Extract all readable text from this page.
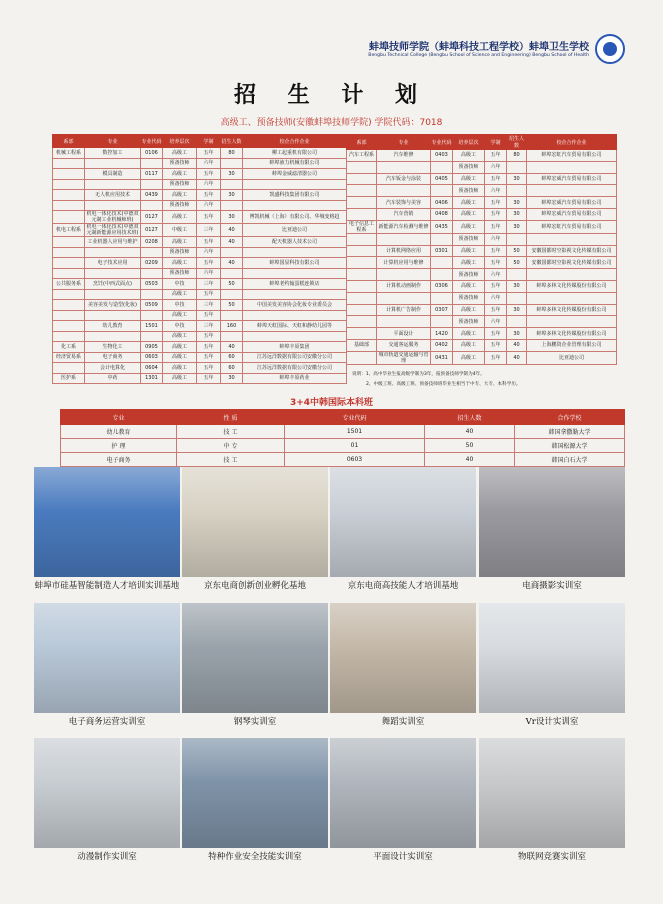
蚌埠技师学院（蚌埠科技工程学校）蚌埠卫生学校
Bengbu Technical College (Bengbu School of Science and Engineering) Bengbu School of Health
招 生 计 划
高级工、预备技师(安徽蚌埠技师学院) 学院代码：7018
系部	专业	专业代码	培养层次	学制	招生人数	校企合作企业
机械工程系	数控加工	0106	高级工	五年	80	柳工起重机有限公司
			预备技师	六年		蚌埠液力机械有限公司
	模具制造	0117	高级工	五年	30	蚌埠金威滤清器公司
			预备技师	六年		
	无人机应用技术	0439	高级工	五年	30	凯盛科技集团有限公司
			预备技师	六年		
	机电一体化技术(中德双元制工业机械师班)	0127	高级工	五年	30	博凯机械（上海）有限公司、华城变格趋
机电工程系	机电一体化技术(中德双元制新能源应用技术班)	0127	中级工	三年	40	比亚迪公司
	工业机器人应用与维护	0208	高级工	五年	40	配天机器人技术公司
			预备技师	六年		
	电子技术应用	0209	高级工	五年	40	蚌埠国显科技有限公司
			预备技师	六年		
公共服务系	烹饪(中西式面点)	0503	中技	三年	50	蚌埠老约翰蛋糕连锁店
			高级工	五年		
	美容美发与造型(化妆)	0509	中技	三年	50	中国美发美容协会化妆专业委员会
			高级工	五年		
	幼儿教育	1501	中技	三年	160	蚌埠天虹国际、天虹和静幼儿园等
			高级工	五年		
化工系	生物化工	0905	高级工	五年	40	蚌埠丰原集团
经济贸易系	电子商务	0603	高级工	五年	60	江苏远洋数据有限公司安徽分公司
	会计电算化	0604	高级工	五年	60	江苏远洋数据有限公司安徽分公司
医护系	中药	1301	高级工	五年	30	蚌埠丰原药业
系部	专业	专业代码	培养层次	学制	招生人数	校企合作企业
汽车工程系	汽车维修	0403	高级工	五年	80	蚌埠宏虹汽车贸易有限公司
			预备技师	六年		
	汽车钣金与涂装	0405	高级工	五年	30	蚌埠宏威汽车贸易有限公司
			预备技师	六年		
	汽车装饰与美容	0406	高级工	五年	30	蚌埠宏威汽车贸易有限公司
	汽车营销	0408	高级工	五年	30	蚌埠宏威汽车贸易有限公司
电子信息工程系	新能源汽车检测与维修	0435	高级工	五年	30	蚌埠宏虹汽车贸易有限公司
			预备技师	六年		
	计算机网络应用	0301	高级工	五年	50	安徽国都时空影视文化传媒有限公司
	计算机应用与维修		高级工	五年	50	安徽国都时空影视文化传媒有限公司
			预备技师	六年		
	计算机动画制作	0306	高级工	五年	30	蚌埠多林文化传媒股份有限公司
			预备技师	六年		
	计算机广告制作	0307	高级工	五年	30	蚌埠多林文化传媒股份有限公司
			预备技师	六年		
	平面设计	1420	高级工	五年	30	蚌埠多林文化传媒股份有限公司
基础部	交通客运服务	0402	高级工	五年	40	上海鹏资企业管理有限公司
	城市轨道交通运输与管理	0431	高级工	五年	40	比亚迪公司
说明：1、高中毕业生报高级学制为3年，报预备技师学制为4年。
2、中级工班、高级工班、预备技师班毕业生相当于中专、大专、本科学历。
3+4中韩国际本科班
专业	性 质	专业代码	招生人数	合作学校
幼儿教育	技 工	1501	40	韩国拿撒勒大学
护 理	中 专	01	50	韩国松源大学
电子商务	技 工	0603	40	韩国白石大学
蚌埠市硅基智能制造人才培训实训基地	京东电商创新创业孵化基地	京东电商高技能人才培训基地	电商摄影实训室
电子商务运营实训室	钢琴实训室	舞蹈实训室	Vr设计实训室
动漫制作实训室	特种作业安全技能实训室	平面设计实训室	物联网竞赛实训室
